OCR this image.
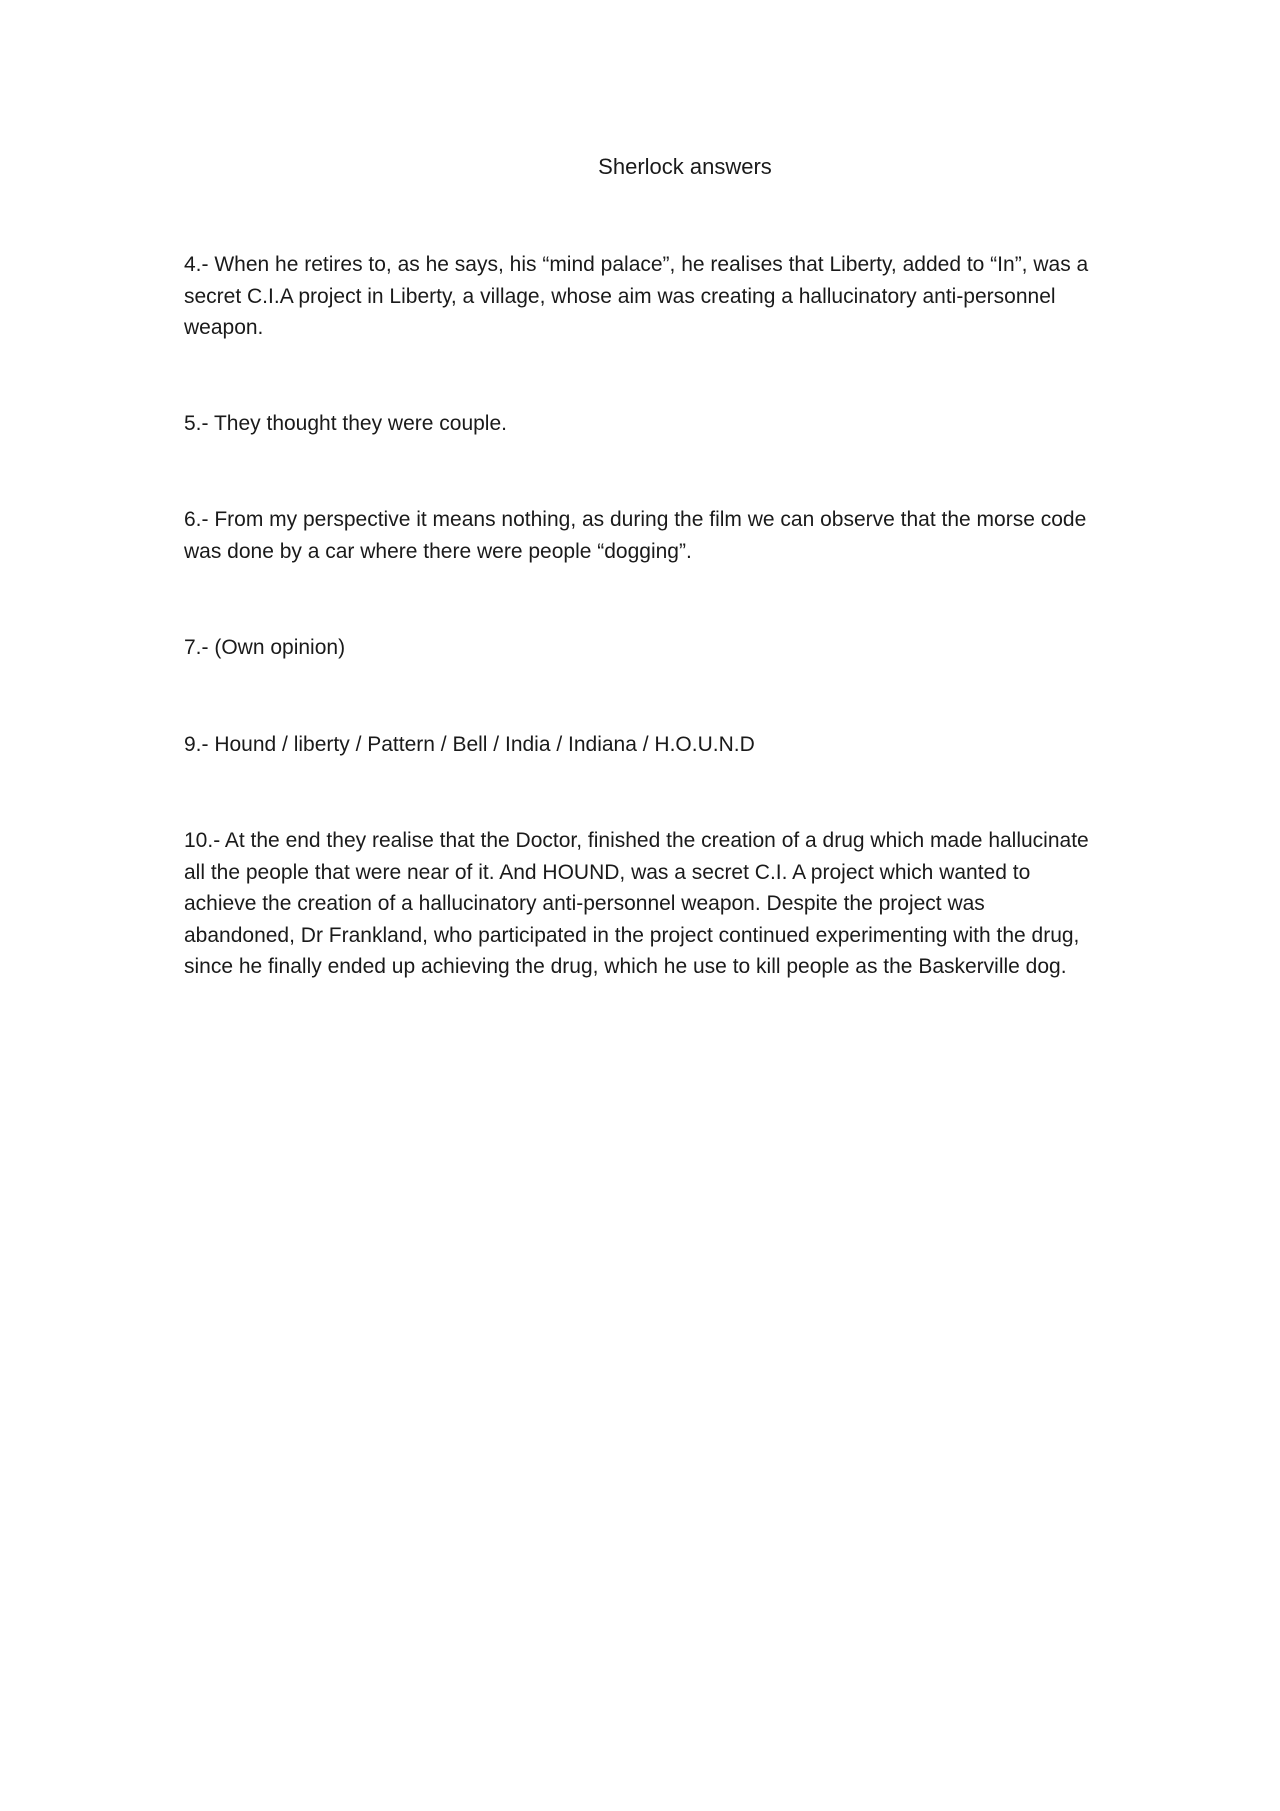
Sherlock answers

4.- When he retires to, as he says, his “mind palace”, he realises that Liberty, added to “In”, was a secret C.I.A project in Liberty, a village, whose aim was creating a hallucinatory anti-personnel weapon.

5.- They thought they were couple.

6.- From my perspective it means nothing, as during the film we can observe that the morse code was done by a car where there were people “dogging”.

7.- (Own opinion)

9.- Hound / liberty / Pattern / Bell / India / Indiana / H.O.U.N.D

10.- At the end they realise that the Doctor, finished the creation of a drug which made hallucinate all the people that were near of it. And HOUND, was a secret C.I. A project which wanted to achieve the creation of a hallucinatory anti-personnel weapon. Despite the project was abandoned, Dr Frankland, who participated in the project continued experimenting with the drug, since he finally ended up achieving the drug, which he use to kill people as the Baskerville dog.
